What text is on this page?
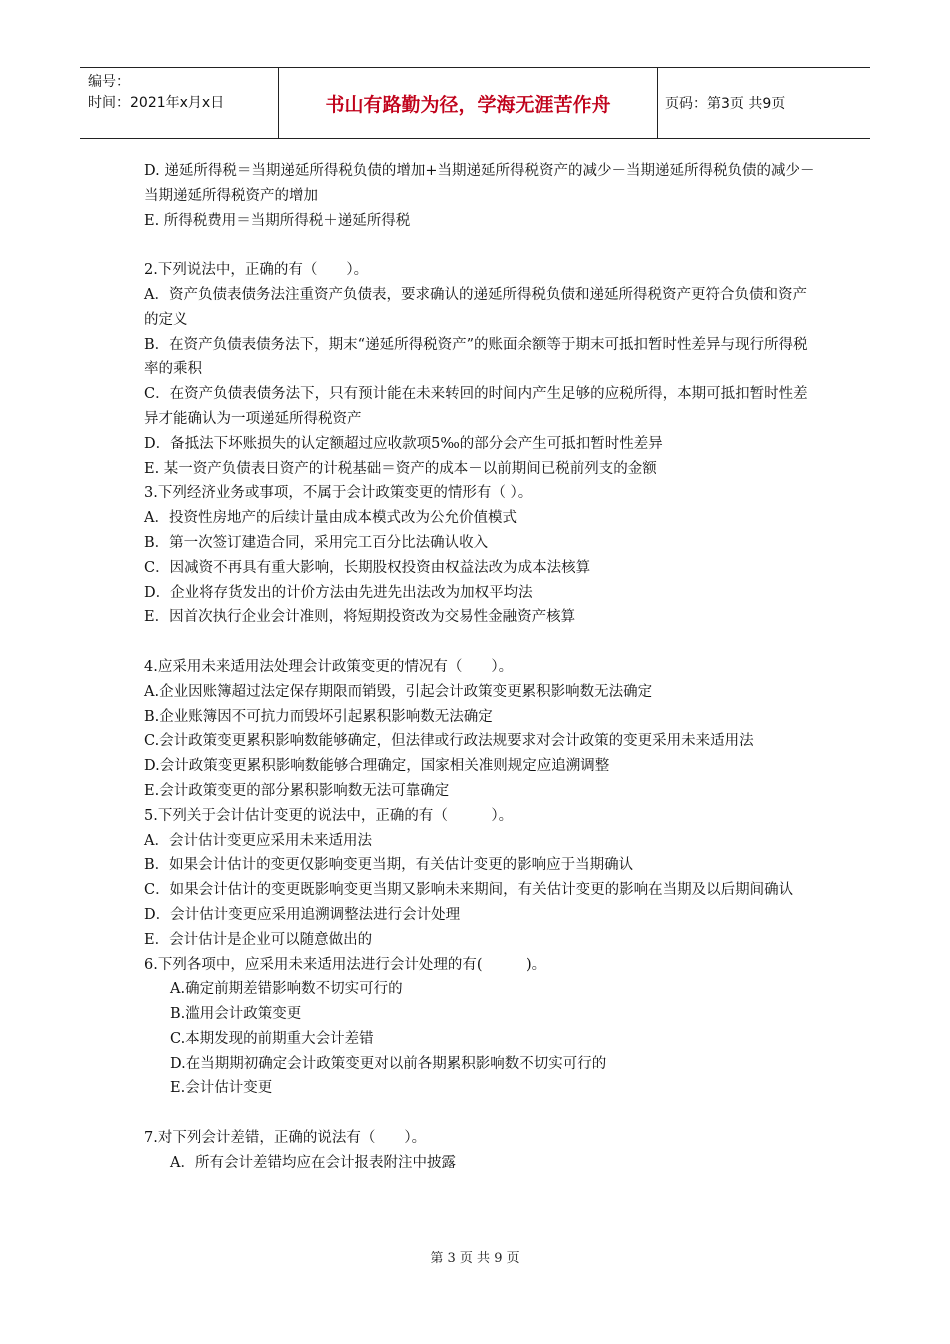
编号：
时间：2021年x月x日	书山有路勤为径，学海无涯苦作舟	页码：第3页 共9页

D. 递延所得税＝当期递延所得税负债的增加+当期递延所得税资产的减少－当期递延所得税负债的减少－当期递延所得税资产的增加

E. 所得税费用＝当期所得税＋递延所得税

2.下列说法中，正确的有（　　）。

A．资产负债表债务法注重资产负债表，要求确认的递延所得税负债和递延所得税资产更符合负债和资产的定义

B．在资产负债表债务法下，期末“递延所得税资产”的账面余额等于期末可抵扣暂时性差异与现行所得税率的乘积

C．在资产负债表债务法下，只有预计能在未来转回的时间内产生足够的应税所得，本期可抵扣暂时性差异才能确认为一项递延所得税资产

D．备抵法下坏账损失的认定额超过应收款项5‰的部分会产生可抵扣暂时性差异

E. 某一资产负债表日资产的计税基础＝资产的成本－以前期间已税前列支的金额

3.下列经济业务或事项，不属于会计政策变更的情形有（ ）。

A．投资性房地产的后续计量由成本模式改为公允价值模式

B．第一次签订建造合同，采用完工百分比法确认收入

C．因减资不再具有重大影响，长期股权投资由权益法改为成本法核算

D．企业将存货发出的计价方法由先进先出法改为加权平均法

E．因首次执行企业会计准则，将短期投资改为交易性金融资产核算

4.应采用未来适用法处理会计政策变更的情况有（　　）。

A.企业因账簿超过法定保存期限而销毁，引起会计政策变更累积影响数无法确定

B.企业账簿因不可抗力而毁坏引起累积影响数无法确定

C.会计政策变更累积影响数能够确定，但法律或行政法规要求对会计政策的变更采用未来适用法

D.会计政策变更累积影响数能够合理确定，国家相关准则规定应追溯调整

E.会计政策变更的部分累积影响数无法可靠确定

5.下列关于会计估计变更的说法中，正确的有（　　　）。

A．会计估计变更应采用未来适用法

B．如果会计估计的变更仅影响变更当期，有关估计变更的影响应于当期确认

C．如果会计估计的变更既影响变更当期又影响未来期间，有关估计变更的影响在当期及以后期间确认

D．会计估计变更应采用追溯调整法进行会计处理

E．会计估计是企业可以随意做出的

6.下列各项中，应采用未来适用法进行会计处理的有(　　　)。

A.确定前期差错影响数不切实可行的

B.滥用会计政策变更

C.本期发现的前期重大会计差错

D.在当期期初确定会计政策变更对以前各期累积影响数不切实可行的

E.会计估计变更

7.对下列会计差错，正确的说法有（　　）。

A．所有会计差错均应在会计报表附注中披露

第 3 页 共 9 页
